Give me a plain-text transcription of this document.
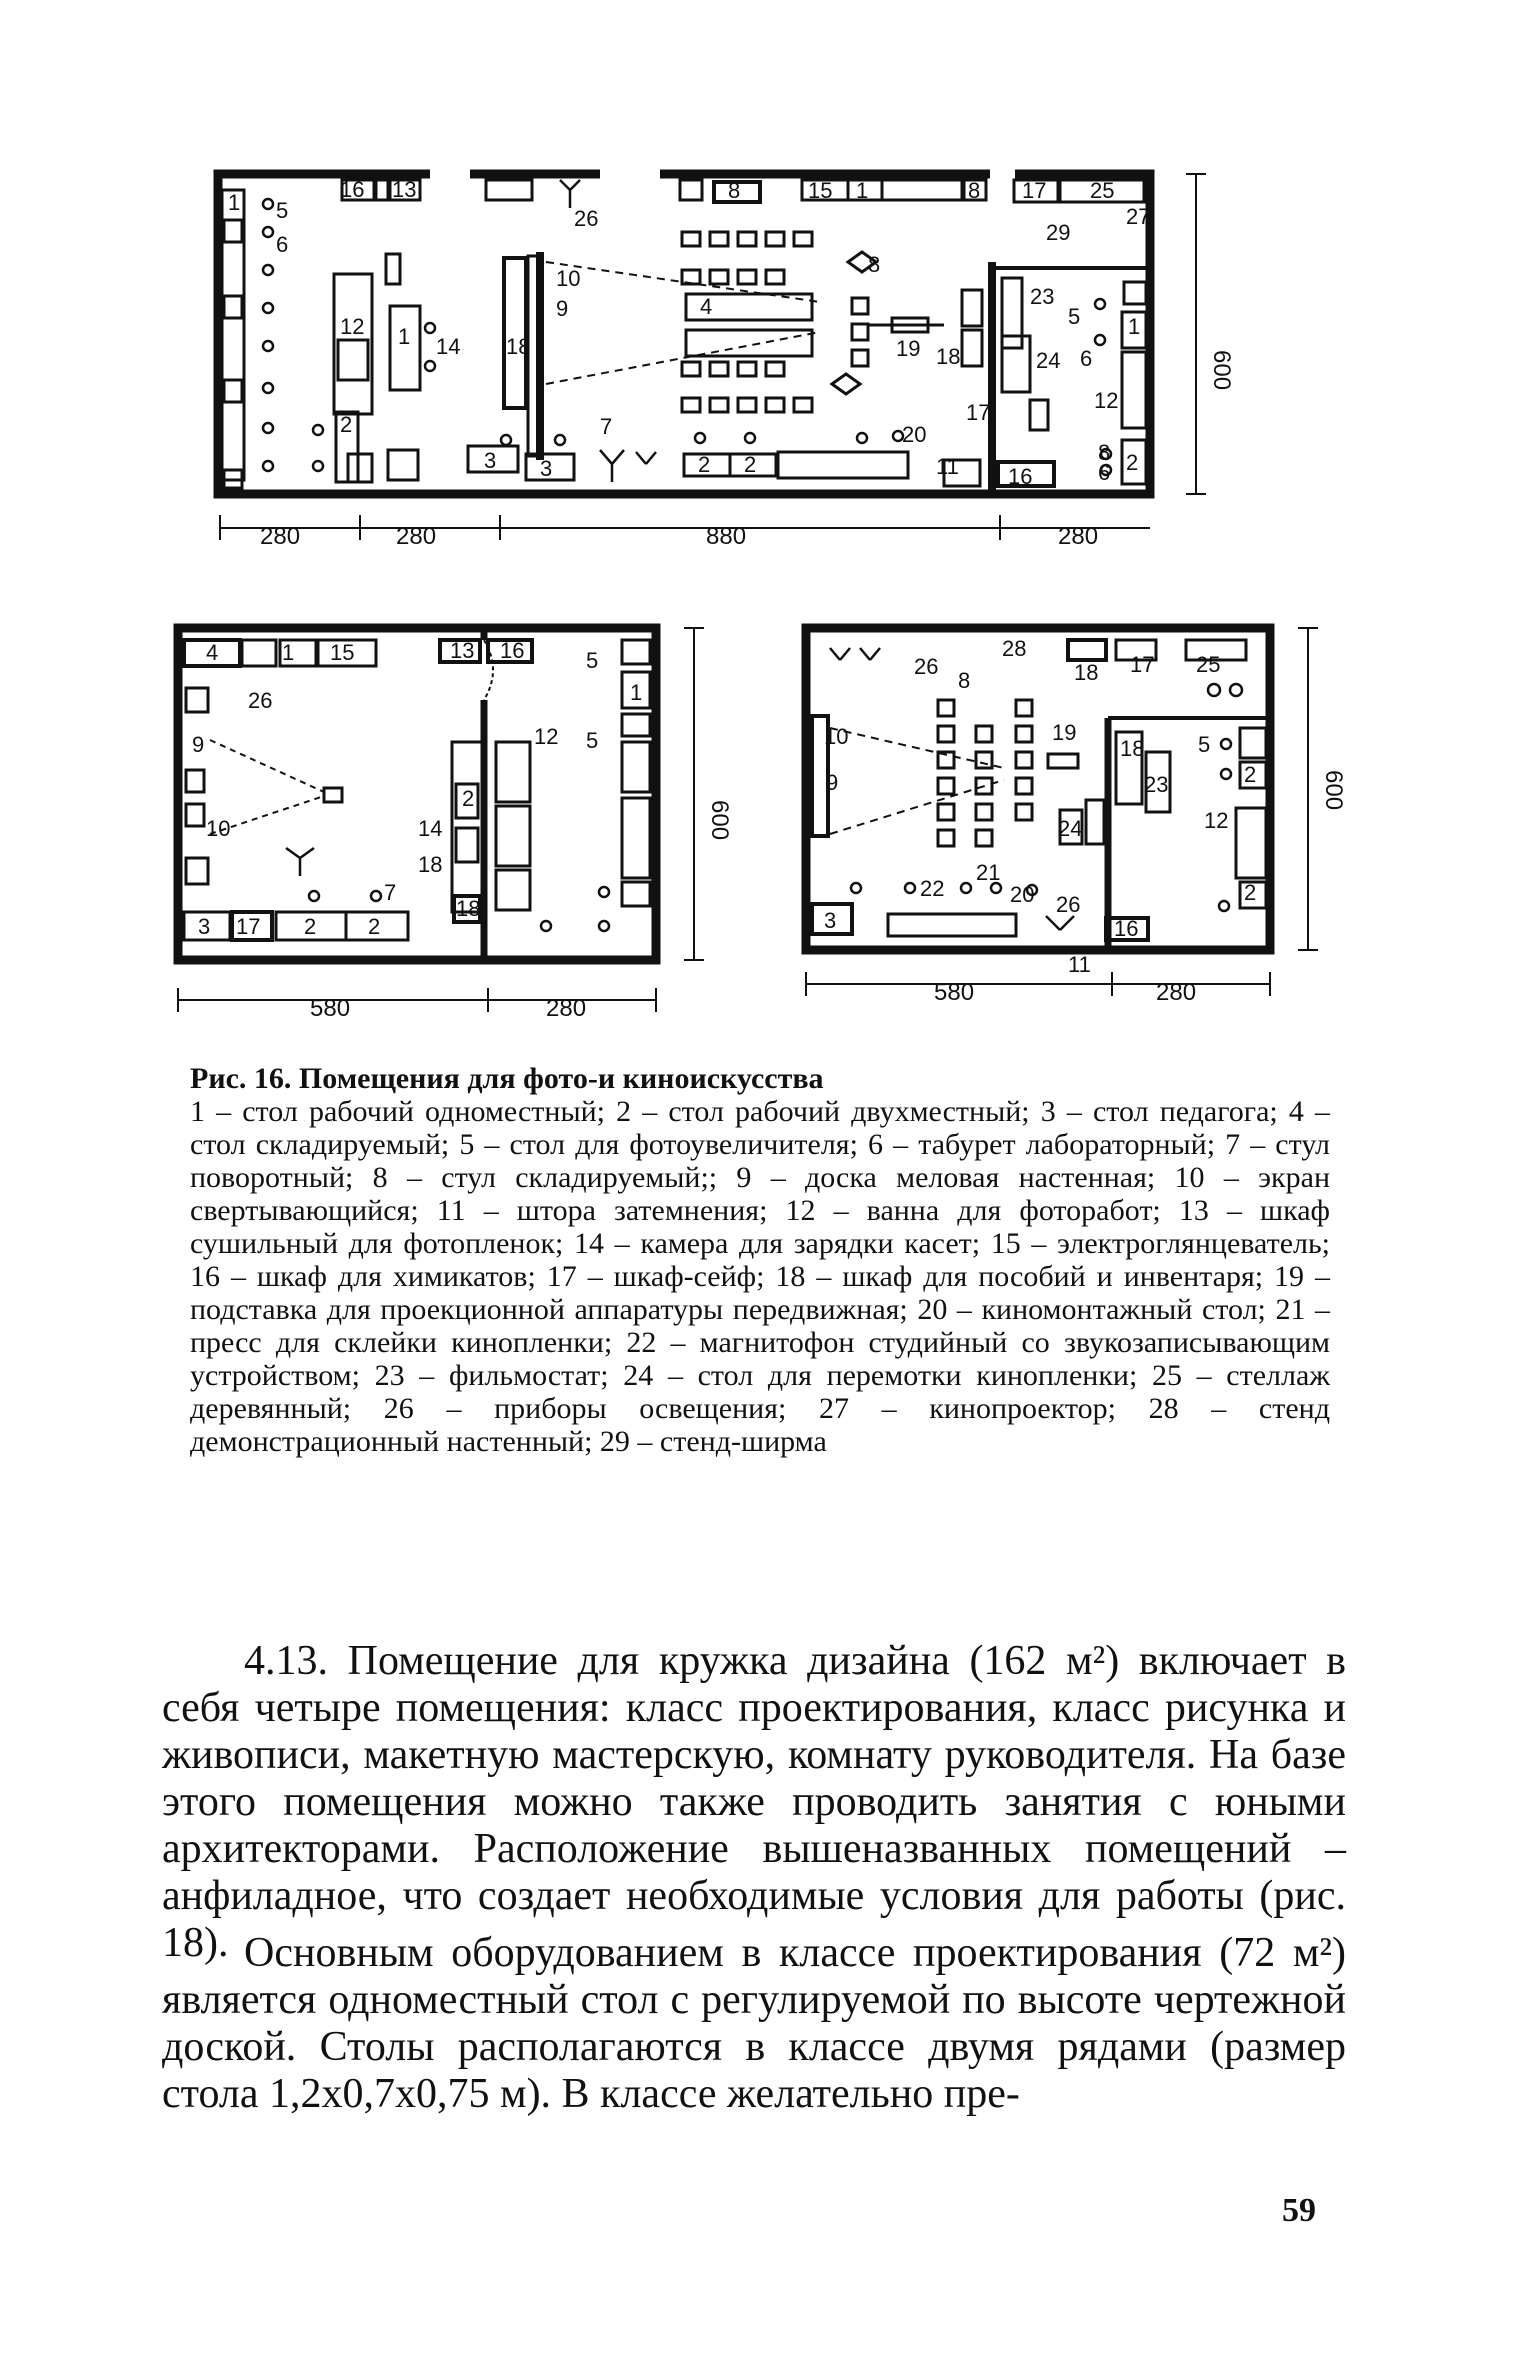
1 5
6
16 13
26
8	15 1	8 17 25
27
29
8
23
5 1
24 6
12
4
19 18
10
9
18
12 1 14
17
20
7
2
3 3	2 2	11 16
8
6 2
600
280	280	880	280
4	1 15	13 16
26
9
10	14
18
7
3 17 2 2
18
5
12 5
1
2
600
580	280
26
28
18 17 25
8
10
9
19
18
23
5
2
12
24
21
22	20 26
3	16
11
2
600
580	280
Рис. 16. Помещения для фото-и киноискусства
1 – стол рабочий одноместный; 2 – стол рабочий двухместный; 3 – стол педагога; 4 – стол складируемый; 5 – стол для фотоувеличителя; 6 – табурет лабораторный; 7 – стул поворотный; 8 – стул складируемый;; 9 – доска меловая настенная; 10 – экран свертывающийся; 11 – штора затемнения; 12 – ванна для фоторабот; 13 – шкаф сушильный для фотопленок; 14 – камера для зарядки касет; 15 – электроглянцеватель; 16 – шкаф для химикатов; 17 – шкаф-сейф; 18 – шкаф для пособий и инвентаря; 19 – подставка для проекционной аппаратуры передвижная; 20 – киномонтажный стол; 21 – пресс для склейки кинопленки; 22 – магнитофон студийный со звукозаписывающим устройством; 23 – фильмостат; 24 – стол для перемотки кинопленки; 25 – стеллаж деревянный; 26 – приборы освещения; 27 – кинопроектор; 28 – стенд демонстрационный настенный; 29 – стенд-ширма
4.13. Помещение для кружка дизайна (162 м²) включает в себя четыре помещения: класс проектирования, класс рисунка и живописи, макетную мастерскую, комнату руководителя. На базе этого помещения можно также проводить занятия с юными архитекторами. Расположение вышеназванных помещений – анфиладное, что создает необходимые условия для работы (рис. 18). Основным оборудованием в классе проектирования (72 м²) является одноместный стол с регулируемой по высоте чертежной доской. Столы располагаются в классе двумя рядами (размер стола 1,2х0,7х0,75 м). В классе желательно пре-
59
